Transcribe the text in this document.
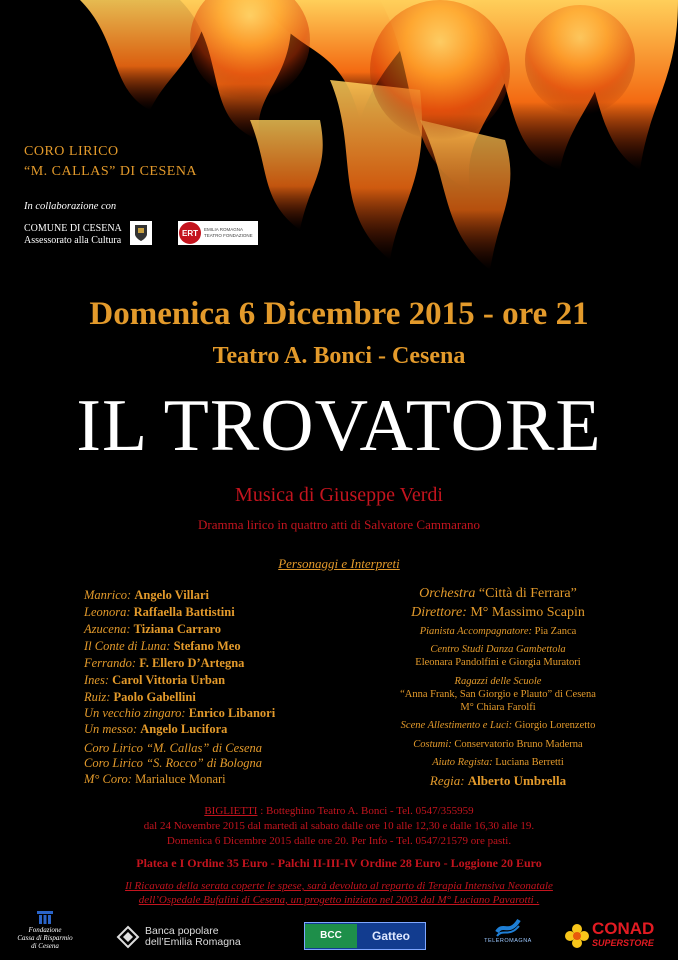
CORO LIRICO
“M. CALLAS” DI CESENA
In collaborazione con
COMUNE DI CESENA
Assessorato alla Cultura
ERT	EMILIA ROMAGNA
TEATRO FONDAZIONE
Domenica 6 Dicembre 2015 - ore 21
Teatro A. Bonci - Cesena
IL TROVATORE
Musica di Giuseppe Verdi
Dramma lirico in quattro atti di Salvatore Cammarano
Personaggi e Interpreti
Manrico: Angelo Villari
Leonora: Raffaella Battistini
Azucena: Tiziana Carraro
Il Conte di Luna: Stefano Meo
Ferrando: F. Ellero D’Artegna
Ines: Carol Vittoria Urban
Ruiz: Paolo Gabellini
Un vecchio zingaro: Enrico Libanori
Un messo: Angelo Lucifora
Coro Lirico “M. Callas” di Cesena
Coro Lirico “S. Rocco” di Bologna
M° Coro: Marialuce Monari
Orchestra “Città di Ferrara”
Direttore: M° Massimo Scapin
Pianista Accompagnatore: Pia Zanca
Centro Studi Danza Gambettola
Eleonara Pandolfini e Giorgia Muratori
Ragazzi delle Scuole
“Anna Frank, San Giorgio e Plauto” di Cesena
M° Chiara Farolfi
Scene Allestimento e Luci: Giorgio Lorenzetto
Costumi: Conservatorio Bruno Maderna
Aiuto Regista: Luciana Berretti
Regia: Alberto Umbrella
BIGLIETTI : Botteghino Teatro A. Bonci - Tel. 0547/355959
dal 24 Novembre 2015 dal martedì al sabato dalle ore 10 alle 12,30 e dalle 16,30 alle 19.
Domenica 6 Dicembre 2015 dalle ore 20. Per Info - Tel. 0547/21579 ore pasti.
Platea e I Ordine 35 Euro - Palchi II-III-IV Ordine 28 Euro - Loggione 20 Euro
Il Ricavato della serata coperte le spese, sarà devoluto al reparto di Terapia Intensiva Neonatale
dell’Ospedale Bufalini di Cesena, un progetto iniziato nel 2003 dal M° Luciano Pavarotti .
Fondazione
Cassa di Risparmio
di Cesena
Banca popolare
dell’Emilia Romagna
BCC	Gatteo	TELEROMAGNA
CONAD
SUPERSTORE
